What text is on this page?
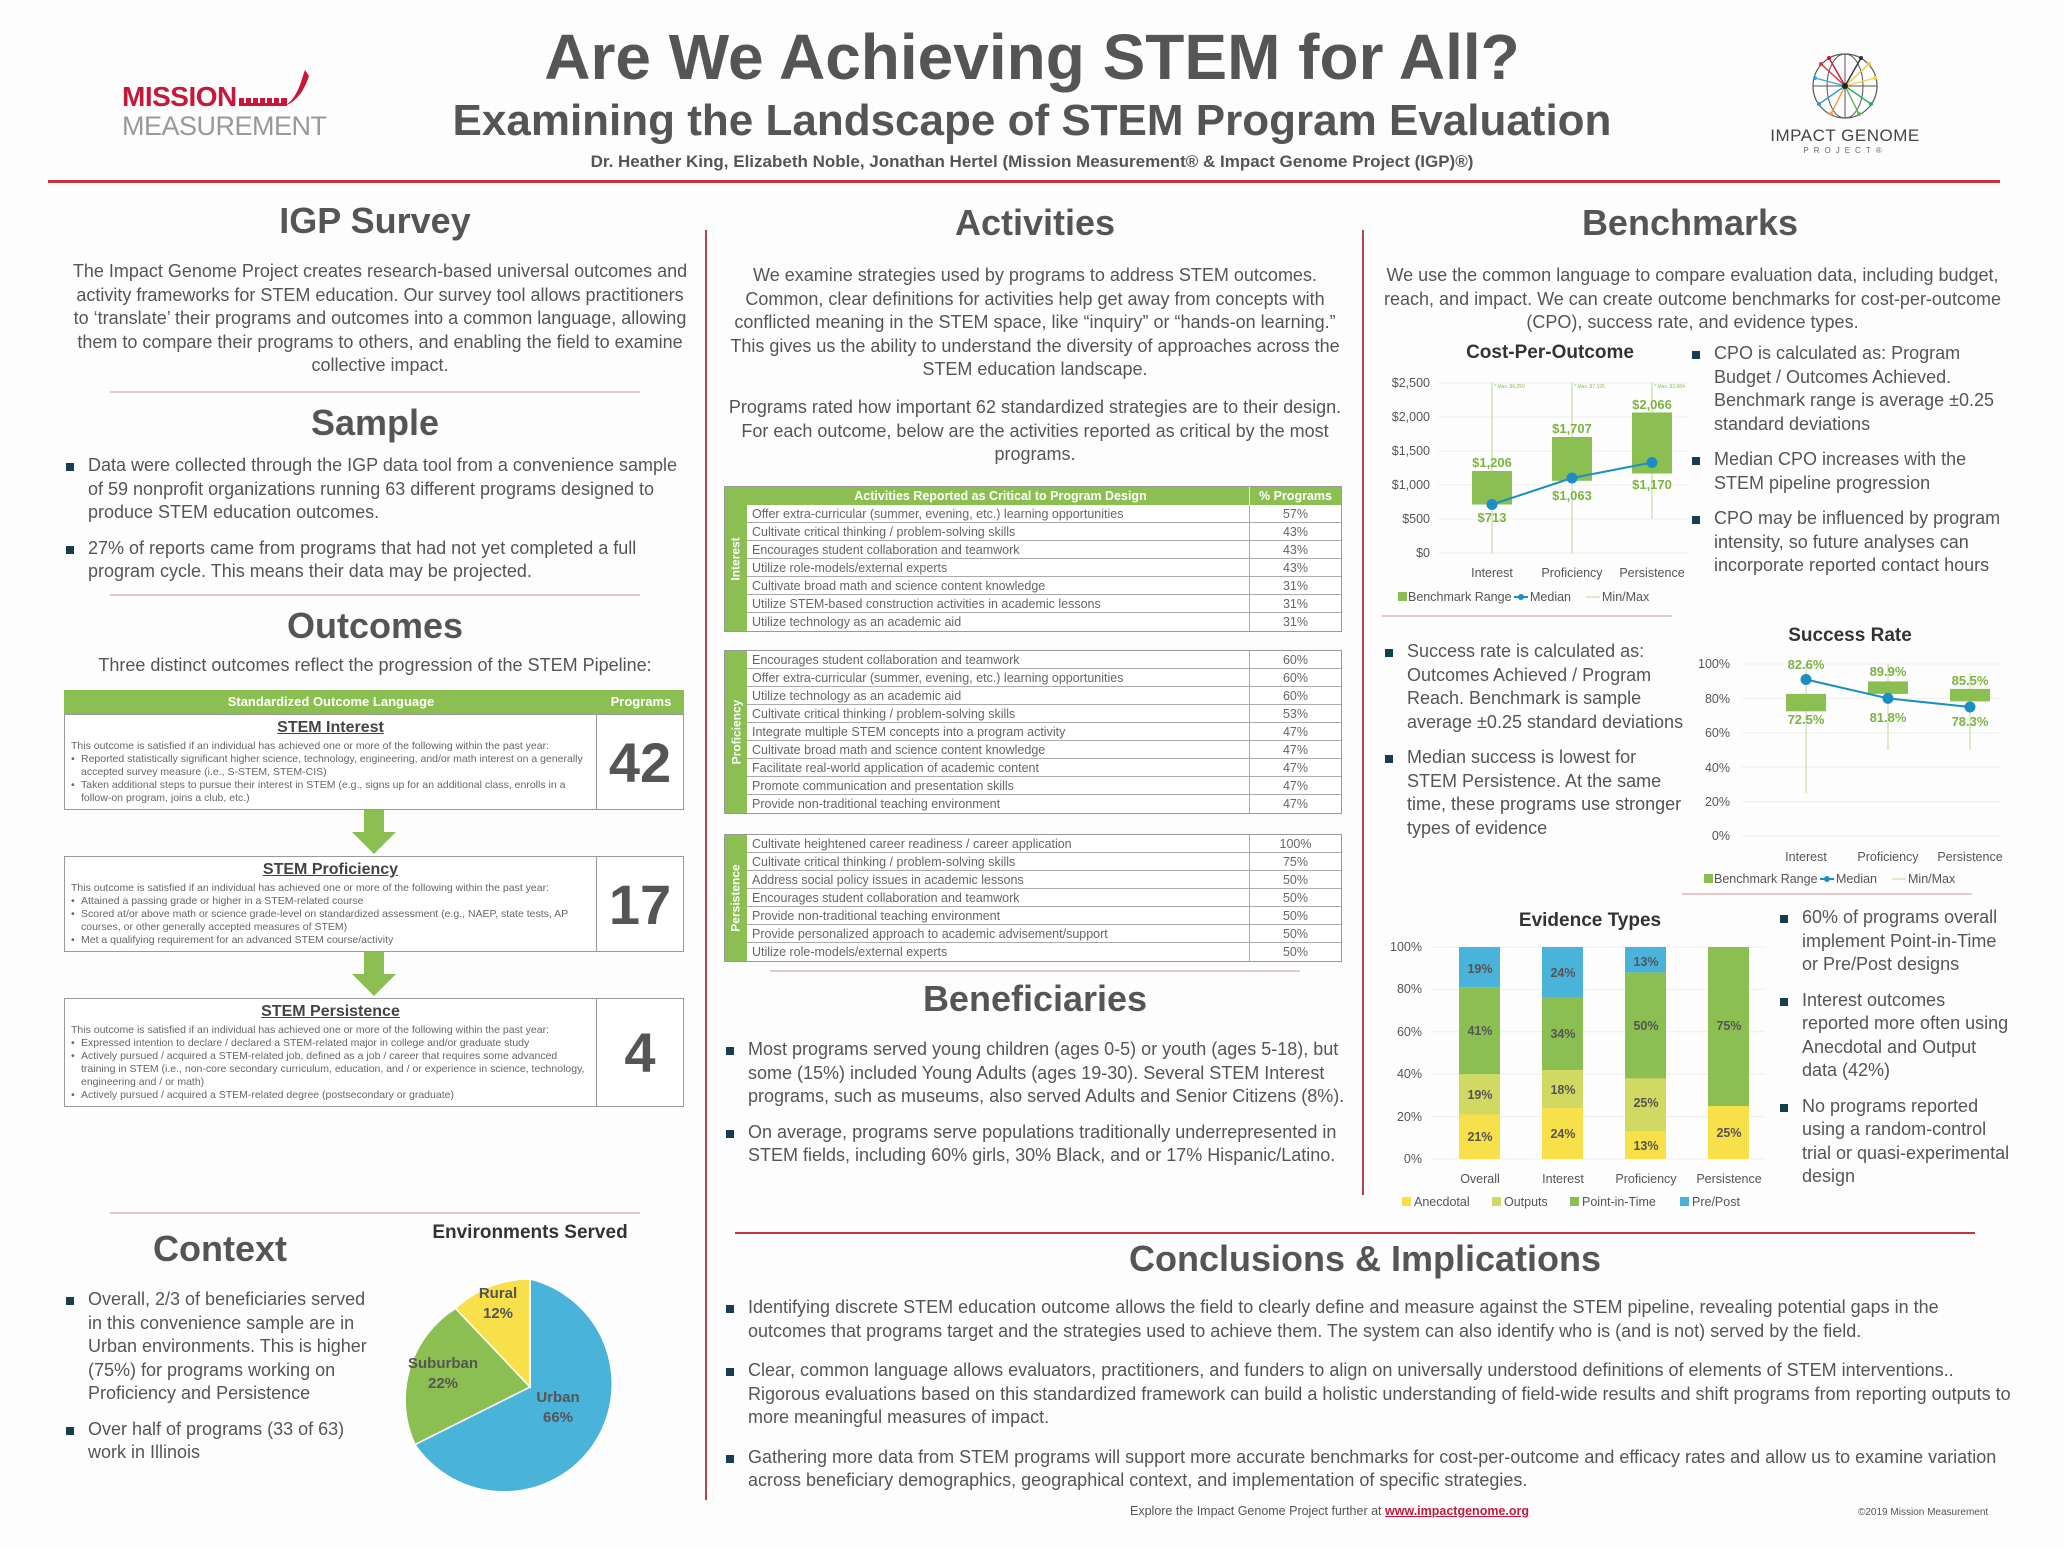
MISSION
MEASUREMENT
Are We Achieving STEM for All?
Examining the Landscape of STEM Program Evaluation
Dr. Heather King, Elizabeth Noble, Jonathan Hertel (Mission Measurement® & Impact Genome Project (IGP)®)
IMPACT GENOME
PROJECT®
IGP Survey

The Impact Genome Project creates research-based universal outcomes and activity frameworks for STEM education. Our survey tool allows practitioners to ‘translate’ their programs and outcomes into a common language, allowing them to compare their programs to others, and enabling the field to examine collective impact.

Sample
Data were collected through the IGP data tool from a convenience sample of 59 nonprofit organizations running 63 different programs designed to produce STEM education outcomes.
27% of reports came from programs that had not yet completed a full program cycle. This means their data may be projected.
Outcomes

Three distinct outcomes reflect the progression of the STEM Pipeline:

Standardized Outcome Language	Programs
STEM Interest
This outcome is satisfied if an individual has achieved one or more of the following within the past year:
• Reported statistically significant higher science, technology, engineering, and/or math interest on a generally accepted survey measure (i.e., S-STEM, STEM-CIS)
• Taken additional steps to pursue their interest in STEM (e.g., signs up for an additional class, enrolls in a follow-on program, joins a club, etc.)
42
STEM Proficiency
This outcome is satisfied if an individual has achieved one or more of the following within the past year:
• Attained a passing grade or higher in a STEM-related course
• Scored at/or above math or science grade-level on standardized assessment (e.g., NAEP, state tests, AP courses, or other generally accepted measures of STEM)
• Met a qualifying requirement for an advanced STEM course/activity
17
STEM Persistence
This outcome is satisfied if an individual has achieved one or more of the following within the past year:
• Expressed intention to declare / declared a STEM-related major in college and/or graduate study
• Actively pursued / acquired a STEM-related job, defined as a job / career that requires some advanced training in STEM (i.e., non-core secondary curriculum, education, and / or experience in science, technology, engineering and / or math)
• Actively pursued / acquired a STEM-related degree (postsecondary or graduate)
4
Context
Overall, 2/3 of beneficiaries served in this convenience sample are in Urban environments. This is higher (75%) for programs working on Proficiency and Persistence
Over half of programs (33 of 63) work in Illinois
Environments Served
Rural
12%
Suburban
22%
Urban
66%
Activities

We examine strategies used by programs to address STEM outcomes. Common, clear definitions for activities help get away from concepts with conflicted meaning in the STEM space, like “inquiry” or “hands-on learning.” This gives us the ability to understand the diversity of approaches across the STEM education landscape.

Programs rated how important 62 standardized strategies are to their design. For each outcome, below are the activities reported as critical by the most programs.

Interest
Activities Reported as Critical to Program Design	% Programs
Offer extra-curricular (summer, evening, etc.) learning opportunities	57%
Cultivate critical thinking / problem-solving skills	43%
Encourages student collaboration and teamwork	43%
Utilize role-models/external experts	43%
Cultivate broad math and science content knowledge	31%
Utilize STEM-based construction activities in academic lessons	31%
Utilize technology as an academic aid	31%
Proficiency
Encourages student collaboration and teamwork	60%
Offer extra-curricular (summer, evening, etc.) learning opportunities	60%
Utilize technology as an academic aid	60%
Cultivate critical thinking / problem-solving skills	53%
Integrate multiple STEM concepts into a program activity	47%
Cultivate broad math and science content knowledge	47%
Facilitate real-world application of academic content	47%
Promote communication and presentation skills	47%
Provide non-traditional teaching environment	47%
Persistence
Cultivate heightened career readiness / career application	100%
Cultivate critical thinking / problem-solving skills	75%
Address social policy issues in academic lessons	50%
Encourages student collaboration and teamwork	50%
Provide non-traditional teaching environment	50%
Provide personalized approach to academic advisement/support	50%
Utilize role-models/external experts	50%
Beneficiaries
Most programs served young children (ages 0-5) or youth (ages 5-18), but some (15%) included Young Adults (ages 19-30). Several STEM Interest programs, such as museums, also served Adults and Senior Citizens (8%).
On average, programs serve populations traditionally underrepresented in STEM fields, including 60% girls, 30% Black, and or 17% Hispanic/Latino.
Benchmarks

We use the common language to compare evaluation data, including budget, reach, and impact. We can create outcome benchmarks for cost-per-outcome (CPO), success rate, and evidence types.

Cost-Per-Outcome
$2,500
$2,000
$1,500
$1,000
$500
$0
* Max: $6,250	* Max: $7,195	* Max: $3,684
$1,206
$713
$1,707
$1,063
$2,066
$1,170
Interest Proficiency Persistence
Benchmark Range Median Min/Max
CPO is calculated as: Program Budget / Outcomes Achieved. Benchmark range is average ±0.25 standard deviations
Median CPO increases with the STEM pipeline progression
CPO may be influenced by program intensity, so future analyses can incorporate reported contact hours
Success rate is calculated as: Outcomes Achieved / Program Reach. Benchmark is sample average ±0.25 standard deviations
Median success is lowest for STEM Persistence. At the same time, these programs use stronger types of evidence
Success Rate
100%
80%
60%
40%
20%
0%
82.6%
72.5%
89.9%
81.8%
85.5%
78.3%
Interest Proficiency Persistence
Benchmark Range Median Min/Max
Evidence Types
100%
80%
60%
40%
20%
0%
21%
19%
41%
19%
24%
18%
34%
24%
13%
25%
50%
13%
25%
75%
Overall	Interest	Proficiency Persistence
Anecdotal	Outputs	Point-in-Time	Pre/Post
60% of programs overall implement Point-in-Time or Pre/Post designs
Interest outcomes reported more often using Anecdotal and Output data (42%)
No programs reported using a random-control trial or quasi-experimental design
Conclusions & Implications
Identifying discrete STEM education outcome allows the field to clearly define and measure against the STEM pipeline, revealing potential gaps in the outcomes that programs target and the strategies used to achieve them. The system can also identify who is (and is not) served by the field.
Clear, common language allows evaluators, practitioners, and funders to align on universally understood definitions of elements of STEM interventions.. Rigorous evaluations based on this standardized framework can build a holistic understanding of field-wide results and shift programs from reporting outputs to more meaningful measures of impact.
Gathering more data from STEM programs will support more accurate benchmarks for cost-per-outcome and efficacy rates and allow us to examine variation across beneficiary demographics, geographical context, and implementation of specific strategies.
Explore the Impact Genome Project further at www.impactgenome.org	©2019 Mission Measurement
